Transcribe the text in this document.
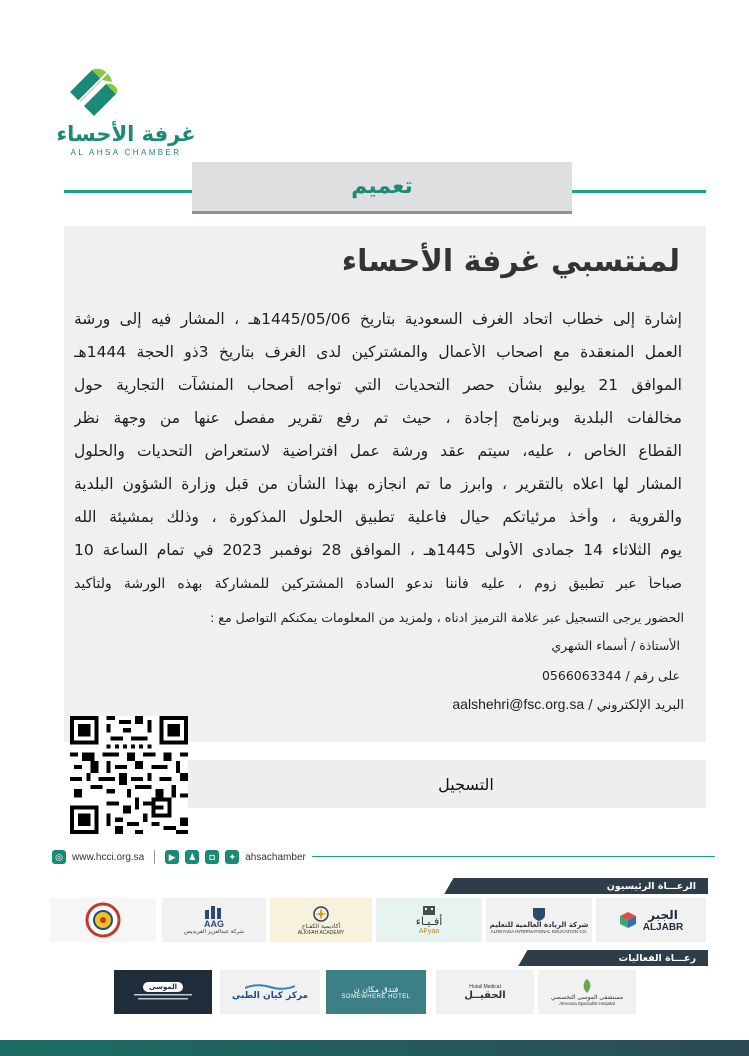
غرفة الأحساء
AL AHSA CHAMBER
تعميم
لمنتسبي غرفة الأحساء
إشارة إلى خطاب اتحاد الغرف السعودية بتاريخ 1445/05/06هـ ، المشار فيه إلى ورشة
العمل المنعقدة مع اصحاب الأعمال والمشتركين لدى الغرف بتاريخ 3ذو الحجة 1444هـ
الموافق 21 يوليو بشأن حصر التحديات التي تواجه أصحاب المنشآت التجارية حول
مخالفات البلدية وبرنامج إجادة ، حيث تم رفع تقرير مفصل عنها من وجهة نظر
القطاع الخاص ، عليه، سيتم عقد ورشة عمل افتراضية لاستعراض التحديات والحلول
المشار لها اعلاه بالتقرير ، وابرز ما تم انجازه بهذا الشأن من قبل وزارة الشؤون البلدية
والقروية ، وأخذ مرئياتكم حيال فاعلية تطبيق الحلول المذكورة ، وذلك بمشيئة الله
يوم الثلاثاء 14 جمادى الأولى 1445هـ ، الموافق 28 نوفمبر 2023 في تمام الساعة 10
صباحاً عبر تطبيق زوم ، عليه فأننا ندعو السادة المشتركين للمشاركة بهذه الورشة ولتأكيد
الحضور يرجى التسجيل عبر علامة الترميز ادناه ، ولمزيد من المعلومات يمكنكم التواصل مع :
الأستاذة / أسماء الشهري
على رقم / 0566063344
البريد الإلكتروني / aalshehri@fsc.org.sa
التسجيل
◎ www.hcci.org.sa	▶	♟	◘	✦ ahsachamber
الرعـــاة الرئيسيون
الجبر
ALJABR
شركة الريادة العالمية للتعليم
ALREYADA INTERNATIONAL EDUCATION CO.
أفـيـاء
AFyaa
أكاديمية الكفـاح
ALKIFAH ACADEMY
AAG
شركة عبدالعزيز الفريديس
رعـــاة الفعاليات
مستشفى الموسى التخصصي
Almoosa Specialist Hospital
Hutail Medical
الحقيــل
فندق مكان ن
SOMEWHERE HOTEL
مركز كيان الطبي
الموسى
